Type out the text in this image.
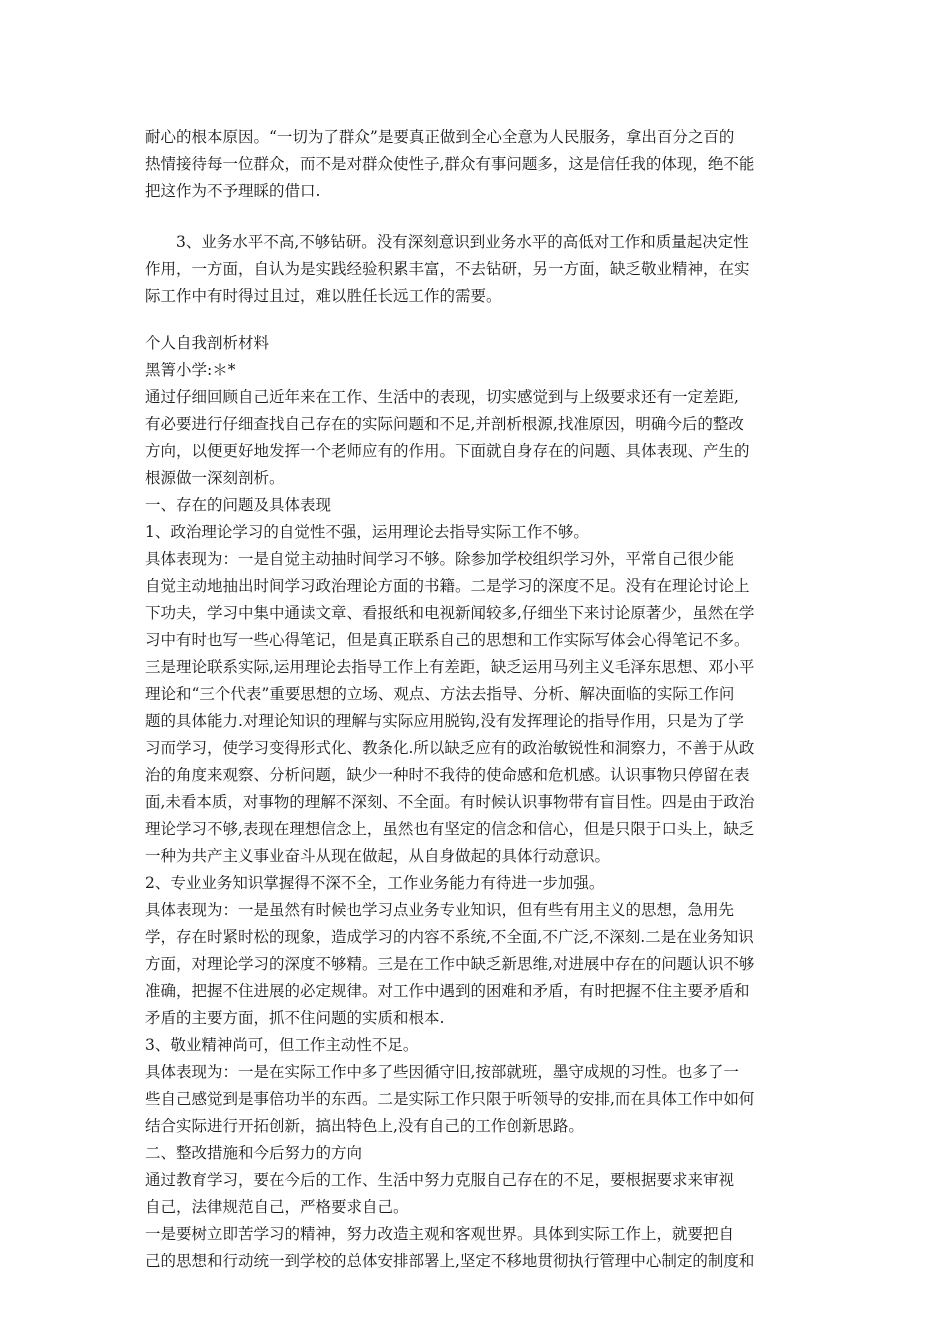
耐心的根本原因。“一切为了群众”是要真正做到全心全意为人民服务，拿出百分之百的
热情接待每一位群众，而不是对群众使性子,群众有事问题多，这是信任我的体现，绝不能
把这作为不予理睬的借口.
　　3、业务水平不高,不够钻研。没有深刻意识到业务水平的高低对工作和质量起决定性
作用，一方面，自认为是实践经验积累丰富，不去钻研，另一方面，缺乏敬业精神，在实
际工作中有时得过且过，难以胜任长远工作的需要。
个人自我剖析材料
黑箐小学:＊*
通过仔细回顾自己近年来在工作、生活中的表现，切实感觉到与上级要求还有一定差距,
有必要进行仔细查找自己存在的实际问题和不足,并剖析根源,找准原因，明确今后的整改
方向，以便更好地发挥一个老师应有的作用。下面就自身存在的问题、具体表现、产生的
根源做一深刻剖析。
一、存在的问题及具体表现
1、政治理论学习的自觉性不强，运用理论去指导实际工作不够。
具体表现为：一是自觉主动抽时间学习不够。除参加学校组织学习外，平常自己很少能
自觉主动地抽出时间学习政治理论方面的书籍。二是学习的深度不足。没有在理论讨论上
下功夫，学习中集中通读文章、看报纸和电视新闻较多,仔细坐下来讨论原著少，虽然在学
习中有时也写一些心得笔记，但是真正联系自己的思想和工作实际写体会心得笔记不多。
三是理论联系实际,运用理论去指导工作上有差距，缺乏运用马列主义毛泽东思想、邓小平
理论和“三个代表”重要思想的立场、观点、方法去指导、分析、解决面临的实际工作问
题的具体能力.对理论知识的理解与实际应用脱钩,没有发挥理论的指导作用，只是为了学
习而学习，使学习变得形式化、教条化.所以缺乏应有的政治敏锐性和洞察力，不善于从政
治的角度来观察、分析问题，缺少一种时不我待的使命感和危机感。认识事物只停留在表
面,未看本质，对事物的理解不深刻、不全面。有时候认识事物带有盲目性。四是由于政治
理论学习不够,表现在理想信念上，虽然也有坚定的信念和信心，但是只限于口头上，缺乏
一种为共产主义事业奋斗从现在做起，从自身做起的具体行动意识。
2、专业业务知识掌握得不深不全，工作业务能力有待进一步加强。
具体表现为：一是虽然有时候也学习点业务专业知识，但有些有用主义的思想，急用先
学，存在时紧时松的现象，造成学习的内容不系统,不全面,不广泛,不深刻.二是在业务知识
方面，对理论学习的深度不够精。三是在工作中缺乏新思维,对进展中存在的问题认识不够
准确，把握不住进展的必定规律。对工作中遇到的困难和矛盾，有时把握不住主要矛盾和
矛盾的主要方面，抓不住问题的实质和根本.
3、敬业精神尚可，但工作主动性不足。
具体表现为：一是在实际工作中多了些因循守旧,按部就班，墨守成规的习性。也多了一
些自己感觉到是事倍功半的东西。二是实际工作只限于听领导的安排,而在具体工作中如何
结合实际进行开拓创新，搞出特色上,没有自己的工作创新思路。
二、整改措施和今后努力的方向
通过教育学习，要在今后的工作、生活中努力克服自己存在的不足，要根据要求来审视
自己，法律规范自己，严格要求自己。
一是要树立即苦学习的精神，努力改造主观和客观世界。具体到实际工作上，就要把自
己的思想和行动统一到学校的总体安排部署上,坚定不移地贯彻执行管理中心制定的制度和
